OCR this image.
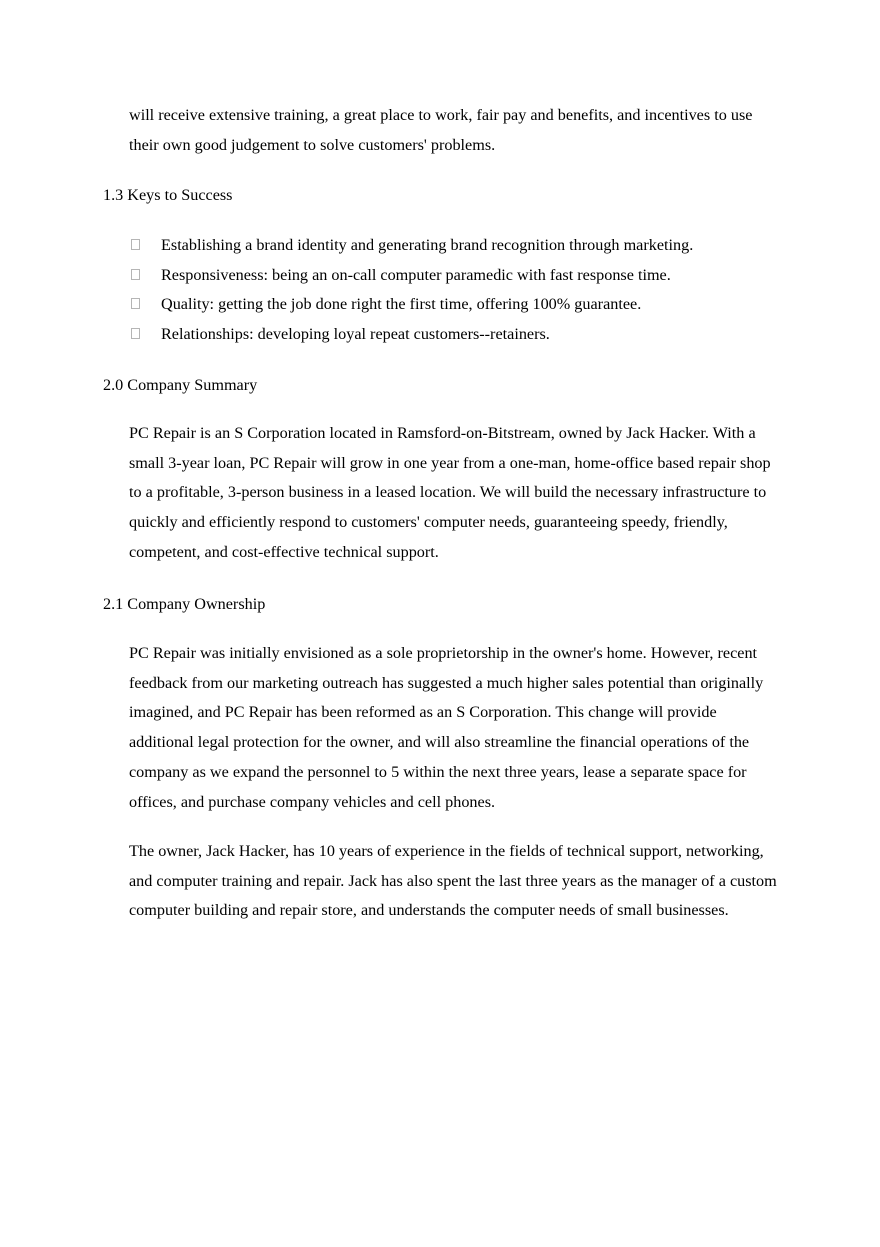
will receive extensive training, a great place to work, fair pay and benefits, and incentives to use
their own good judgement to solve customers' problems.

1.3 Keys to Success
Establishing a brand identity and generating brand recognition through marketing.
Responsiveness: being an on-call computer paramedic with fast response time.
Quality: getting the job done right the first time, offering 100% guarantee.
Relationships: developing loyal repeat customers--retainers.
2.0 Company Summary

PC Repair is an S Corporation located in Ramsford-on-Bitstream, owned by Jack Hacker. With a
small 3-year loan, PC Repair will grow in one year from a one-man, home-office based repair shop
to a profitable, 3-person business in a leased location. We will build the necessary infrastructure to
quickly and efficiently respond to customers' computer needs, guaranteeing speedy, friendly,
competent, and cost-effective technical support.

2.1 Company Ownership

PC Repair was initially envisioned as a sole proprietorship in the owner's home. However, recent
feedback from our marketing outreach has suggested a much higher sales potential than originally
imagined, and PC Repair has been reformed as an S Corporation. This change will provide
additional legal protection for the owner, and will also streamline the financial operations of the
company as we expand the personnel to 5 within the next three years, lease a separate space for
offices, and purchase company vehicles and cell phones.

The owner, Jack Hacker, has 10 years of experience in the fields of technical support, networking,
and computer training and repair. Jack has also spent the last three years as the manager of a custom
computer building and repair store, and understands the computer needs of small businesses.
